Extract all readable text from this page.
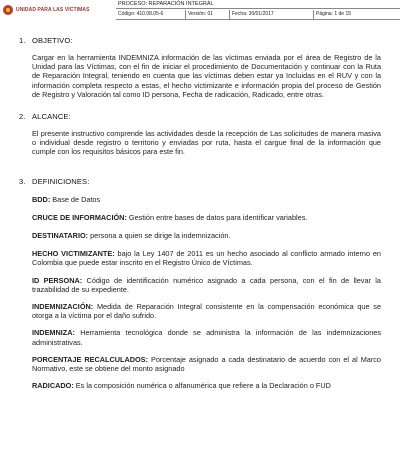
UNIDAD PARA LAS VÍCTIMAS
PROCESO: REPARACIÓN INTEGRAL
Código: 410.08.05-6	Versión: 01	Fecha: 30/01/2017	Página: 1 de 15
1. OBJETIVO:

Cargar en la herramienta INDEMNIZA información de las víctimas enviada por el área de Registro de la Unidad para las Víctimas, con el fin de iniciar el procedimiento de Documentación y continuar con la Ruta de Reparación Integral, teniendo en cuenta que las víctimas deben estar ya Incluidas en el RUV y con la información completa respecto a estas, el hecho victimizante e información propia del proceso de Gestión de Registro y Valoración tal como ID persona, Fecha de radicación, Radicado, entre otras.

2. ALCANCE:

El presente instructivo comprende las actividades desde la recepción de Las solicitudes de manera masiva o individual desde registro o territorio y enviadas por ruta, hasta el cargue final de la información que cumple con los requisitos básicos para este fin.

3. DEFINICIONES:

BDD: Base de Datos

CRUCE DE INFORMACIÓN: Gestión entre bases de datos para identificar variables.

DESTINATARIO: persona a quien se dirige la indemnización.

HECHO VICTIMIZANTE: bajo la Ley 1407 de 2011 es un hecho asociado al conflicto armado interno en Colombia que puede estar inscrito en el Registro Único de Víctimas.

ID PERSONA: Código de identificación numérico asignado a cada persona, con el fin de llevar la trazabilidad de su expediente.

INDEMNIZACIÓN: Medida de Reparación Integral consistente en la compensación económica que se otorga a la víctima por el daño sufrido.

INDEMNIZA: Herramienta tecnológica donde se administra la información de las indemnizaciones administrativas.

PORCENTAJE RECALCULADOS: Porcentaje asignado a cada destinatario de acuerdo con el al Marco Normativo, este se obtiene del monto asignado

RADICADO: Es la composición numérica o alfanumérica que refiere a la Declaración o FUD
